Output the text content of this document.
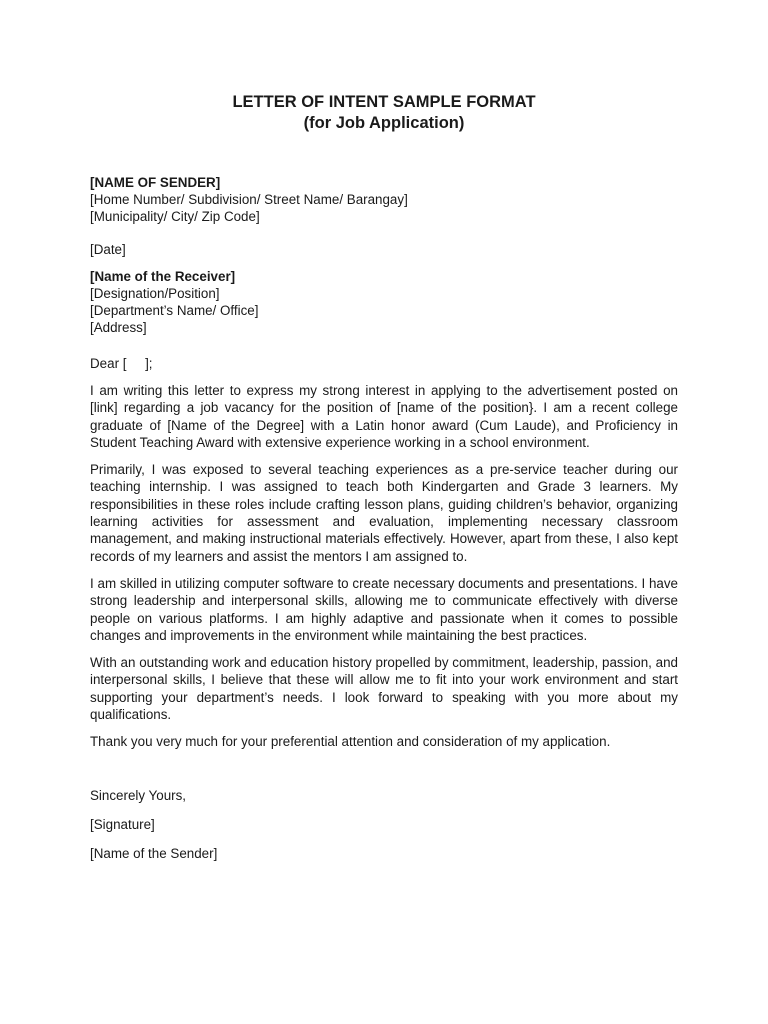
LETTER OF INTENT SAMPLE FORMAT
(for Job Application)
[NAME OF SENDER]
[Home Number/ Subdivision/ Street Name/ Barangay]
[Municipality/ City/ Zip Code]
[Date]
[Name of the Receiver]
[Designation/Position]
[Department’s Name/ Office]
[Address]
Dear [     ];

I am writing this letter to express my strong interest in applying to the advertisement posted on [link] regarding a job vacancy for the position of [name of the position}. I am a recent college graduate of [Name of the Degree] with a Latin honor award (Cum Laude), and Proficiency in Student Teaching Award with extensive experience working in a school environment.

Primarily, I was exposed to several teaching experiences as a pre-service teacher during our teaching internship. I was assigned to teach both Kindergarten and Grade 3 learners. My responsibilities in these roles include crafting lesson plans, guiding children’s behavior, organizing learning activities for assessment and evaluation, implementing necessary classroom management, and making instructional materials effectively. However, apart from these, I also kept records of my learners and assist the mentors I am assigned to.

I am skilled in utilizing computer software to create necessary documents and presentations. I have strong leadership and interpersonal skills, allowing me to communicate effectively with diverse people on various platforms. I am highly adaptive and passionate when it comes to possible changes and improvements in the environment while maintaining the best practices.

With an outstanding work and education history propelled by commitment, leadership, passion, and interpersonal skills, I believe that these will allow me to fit into your work environment and start supporting your department’s needs. I look forward to speaking with you more about my qualifications.

Thank you very much for your preferential attention and consideration of my application.

Sincerely Yours,
[Signature]
[Name of the Sender]
